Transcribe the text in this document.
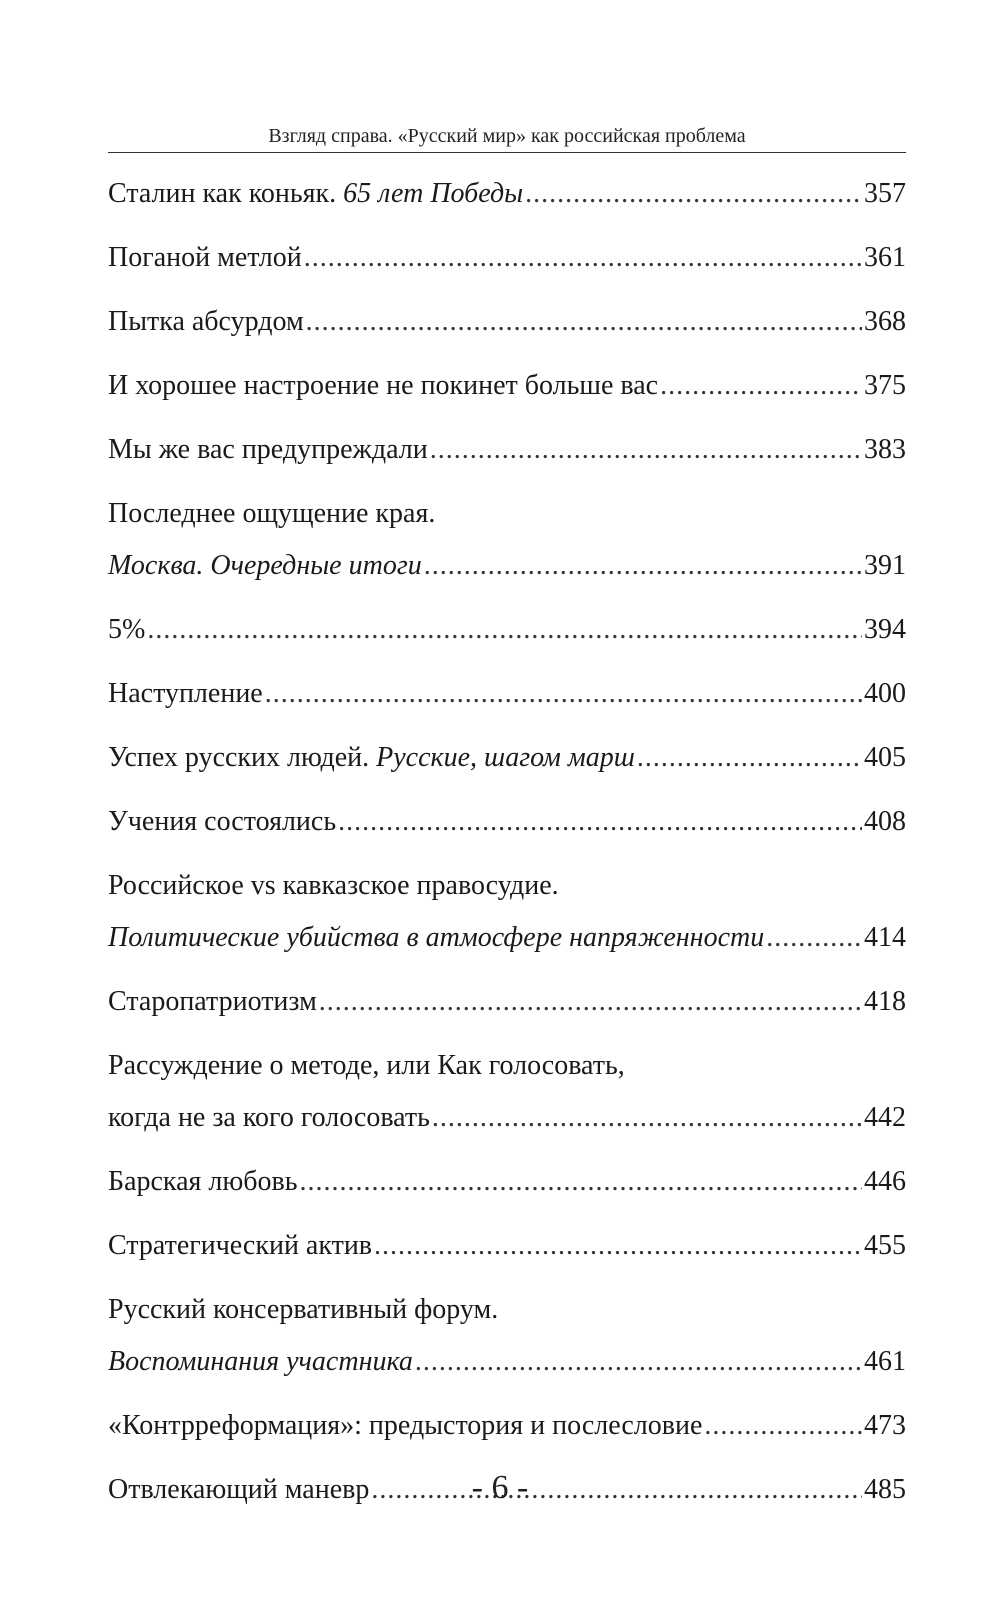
Взгляд справа. «Русский мир» как российская проблема
Сталин как коньяк. 65 лет Победы .....	357
Поганой метлой .....	361
Пытка абсурдом .....	368
И хорошее настроение не покинет больше вас .....	375
Мы же вас предупреждали .....	383
Последнее ощущение края.
Москва. Очередные итоги .....	391
5% .....	394
Наступление .....	400
Успех русских людей. Русские, шагом марш .....	405
Учения состоялись .....	408
Российское vs кавказское правосудие.
Политические убийства в атмосфере напряженности .....	414
Старопатриотизм .....	418
Рассуждение о методе, или Как голосовать,
когда не за кого голосовать .....	442
Барская любовь .....	446
Стратегический актив .....	455
Русский консервативный форум.
Воспоминания участника .....	461
«Контрреформация»: предыстория и послесловие .....	473
Отвлекающий маневр .....	485
- 6 -
